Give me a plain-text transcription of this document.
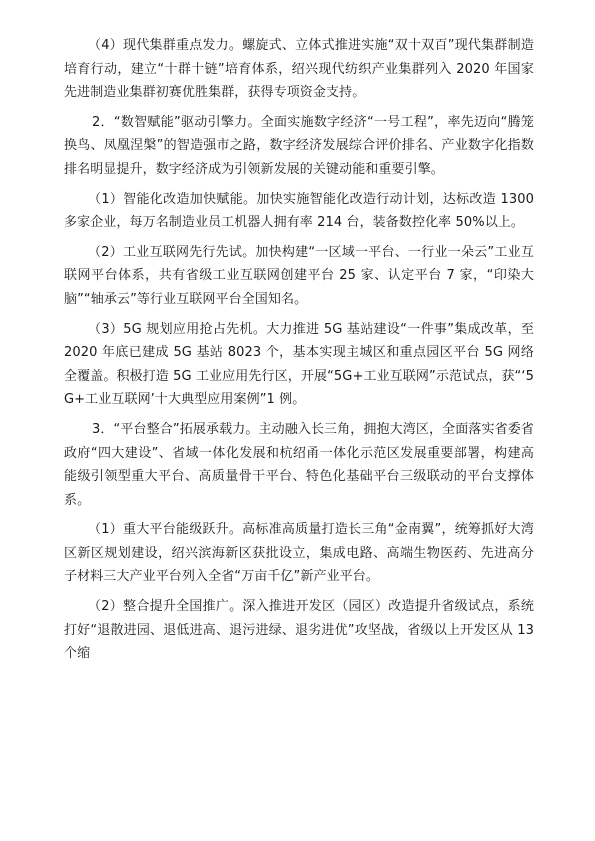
（4）现代集群重点发力。螺旋式、立体式推进实施“双十双百”现代集群制造培育行动，建立“十群十链”培育体系，绍兴现代纺织产业集群列入 2020 年国家先进制造业集群初赛优胜集群，获得专项资金支持。

2．“数智赋能”驱动引擎力。全面实施数字经济“一号工程”，率先迈向“腾笼换鸟、凤凰涅槃”的智造强市之路，数字经济发展综合评价排名、产业数字化指数排名明显提升，数字经济成为引领新发展的关键动能和重要引擎。

（1）智能化改造加快赋能。加快实施智能化改造行动计划，达标改造 1300 多家企业，每万名制造业员工机器人拥有率 214 台，装备数控化率 50%以上。

（2）工业互联网先行先试。加快构建“一区域一平台、一行业一朵云”工业互联网平台体系，共有省级工业互联网创建平台 25 家、认定平台 7 家，“印染大脑”“轴承云”等行业互联网平台全国知名。

（3）5G 规划应用抢占先机。大力推进 5G 基站建设“一件事”集成改革，至 2020 年底已建成 5G 基站 8023 个，基本实现主城区和重点园区平台 5G 网络全覆盖。积极打造 5G 工业应用先行区，开展“5G+工业互联网”示范试点，获“‘5G+工业互联网’十大典型应用案例”1 例。

3．“平台整合”拓展承载力。主动融入长三角，拥抱大湾区，全面落实省委省政府“四大建设”、省域一体化发展和杭绍甬一体化示范区发展重要部署，构建高能级引领型重大平台、高质量骨干平台、特色化基础平台三级联动的平台支撑体系。

（1）重大平台能级跃升。高标准高质量打造长三角“金南翼”，统筹抓好大湾区新区规划建设，绍兴滨海新区获批设立，集成电路、高端生物医药、先进高分子材料三大产业平台列入全省“万亩千亿”新产业平台。

（2）整合提升全国推广。深入推进开发区（园区）改造提升省级试点，系统打好“退散进园、退低进高、退污进绿、退劣进优”攻坚战，省级以上开发区从 13 个缩
